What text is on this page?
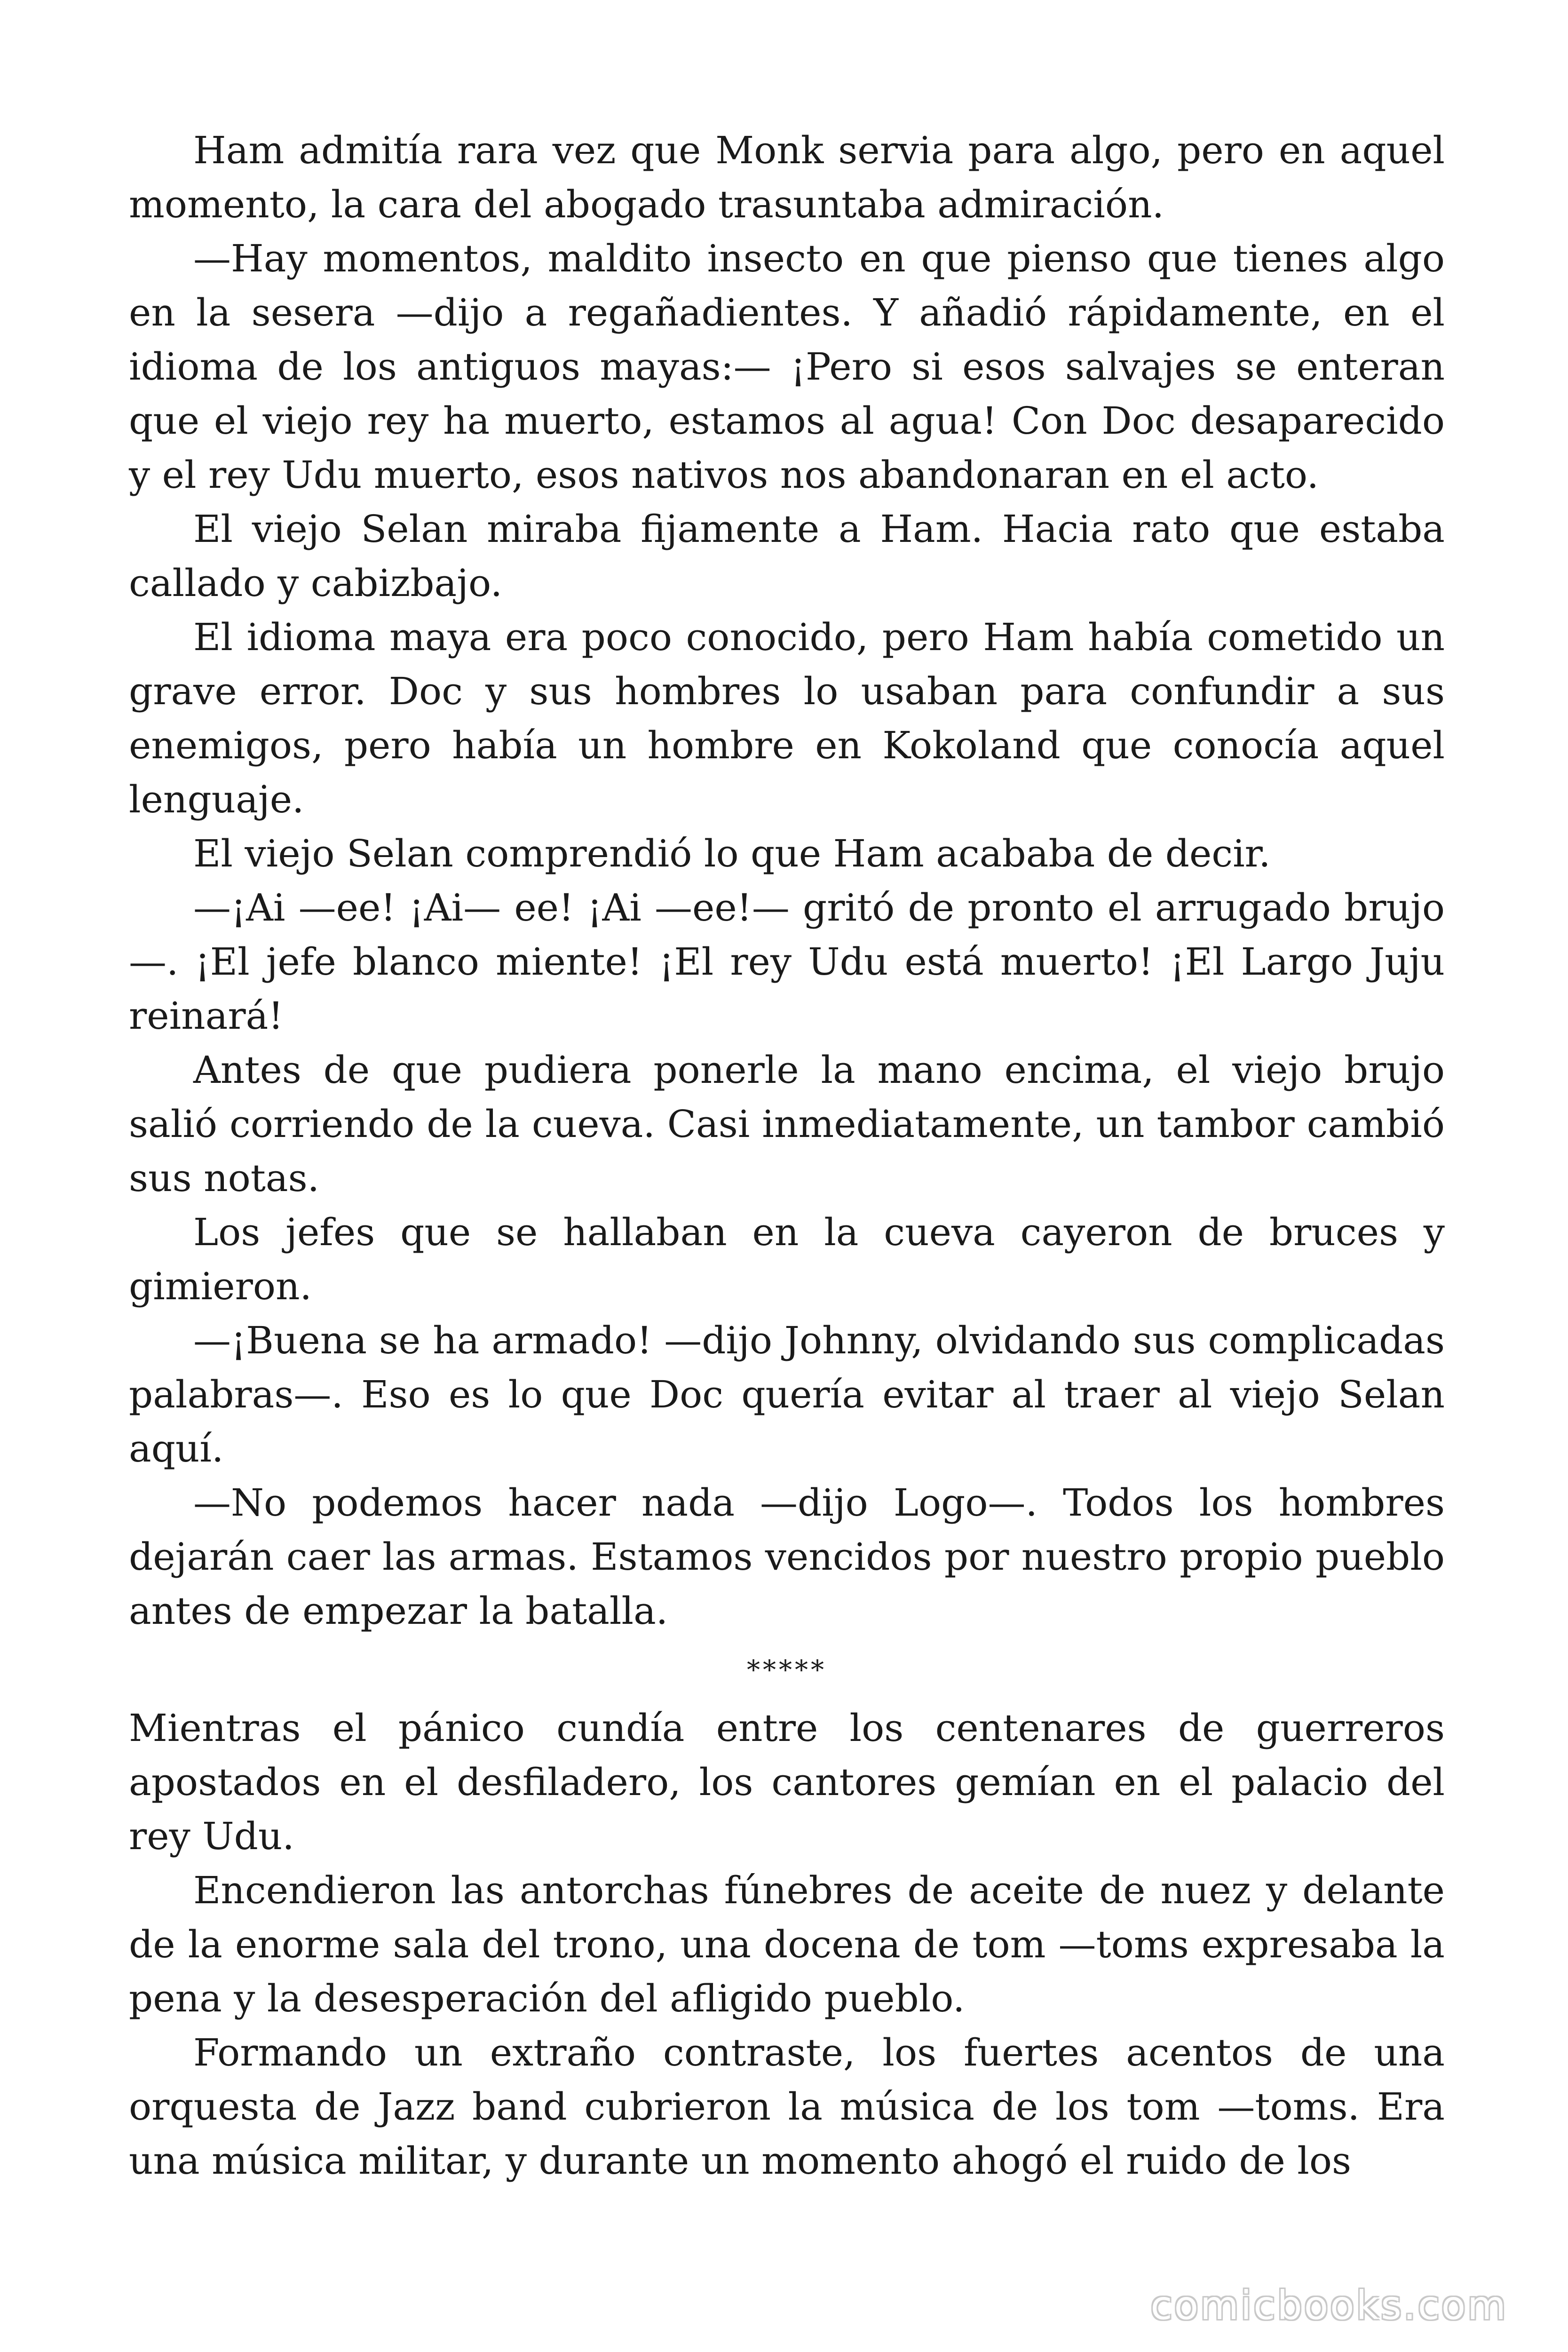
Ham admitía rara vez que Monk servia para algo, pero en aquel momento, la cara del abogado trasuntaba admiración.

—Hay momentos, maldito insecto en que pienso que tienes algo en la sesera —dijo a regañadientes. Y añadió rápidamente, en el idioma de los antiguos mayas:— ¡Pero si esos salvajes se enteran que el viejo rey ha muerto, estamos al agua! Con Doc desaparecido y el rey Udu muerto, esos nativos nos abandonaran en el acto.

El viejo Selan miraba fijamente a Ham. Hacia rato que estaba callado y cabizbajo.

El idioma maya era poco conocido, pero Ham había cometido un grave error. Doc y sus hombres lo usaban para confundir a sus enemigos, pero había un hombre en Kokoland que conocía aquel lenguaje.

El viejo Selan comprendió lo que Ham acababa de decir.

—¡Ai —ee! ¡Ai— ee! ¡Ai —ee!— gritó de pronto el arrugado brujo —. ¡El jefe blanco miente! ¡El rey Udu está muerto! ¡El Largo Juju reinará!

Antes de que pudiera ponerle la mano encima, el viejo brujo salió corriendo de la cueva. Casi inmediatamente, un tambor cambió sus notas.

Los jefes que se hallaban en la cueva cayeron de bruces y gimieron.

—¡Buena se ha armado! —dijo Johnny, olvidando sus complicadas palabras—. Eso es lo que Doc quería evitar al traer al viejo Selan aquí.

—No podemos hacer nada —dijo Logo—. Todos los hombres dejarán caer las armas. Estamos vencidos por nuestro propio pueblo antes de empezar la batalla.

*****

Mientras el pánico cundía entre los centenares de guerreros apostados en el desfiladero, los cantores gemían en el palacio del rey Udu.

Encendieron las antorchas fúnebres de aceite de nuez y delante de la enorme sala del trono, una docena de tom —toms expresaba la pena y la desesperación del afligido pueblo.

Formando un extraño contraste, los fuertes acentos de una orquesta de Jazz band cubrieron la música de los tom —toms. Era una música militar, y durante un momento ahogó el ruido de los

comicbooks.com
